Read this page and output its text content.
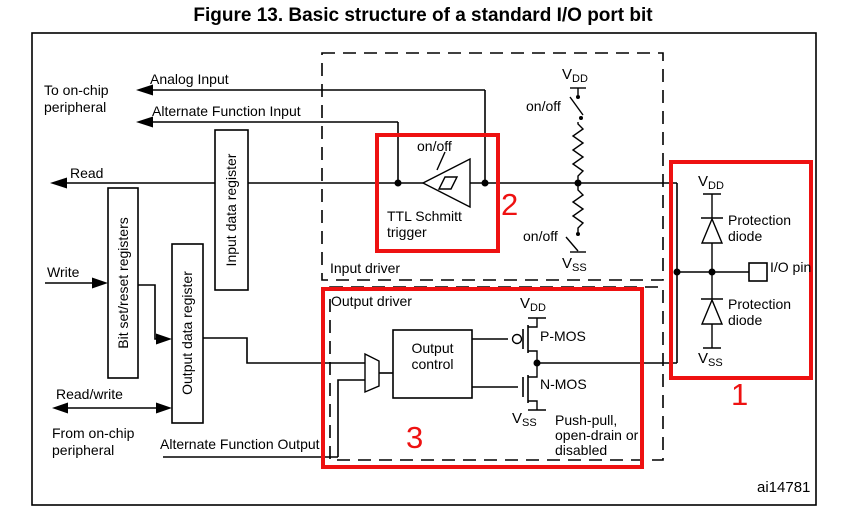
Figure 13. Basic structure of a standard I/O port bit
To on-chip
peripheral
From on-chip
peripheral
Analog Input
Alternate Function Input
Alternate Function Output
Read
Write
Read/write
Bit set/reset registers
Input data register
Output data register
Input driver
Output driver
on/off
on/off
on/off
TTL Schmitt
trigger
Output
control
P-MOS
N-MOS
Push-pull,
open-drain or
disabled
Protection
diode
Protection
diode
I/O pin
$V_{DD}$
$V_{SS}$
$V_{DD}$
$V_{SS}$
$V_{DD}$
$V_{SS}$
1
2
3
ai14781
